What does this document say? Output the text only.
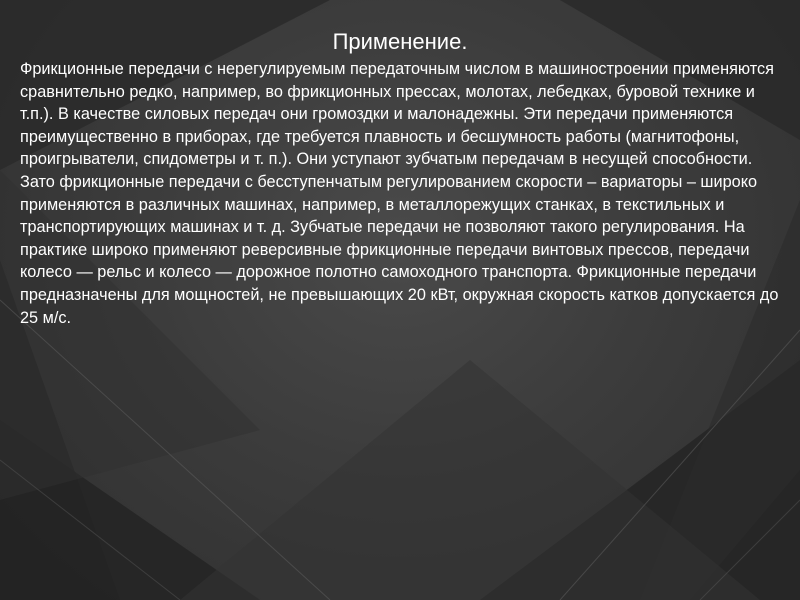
Применение.

Фрикционные передачи с нерегулируемым передаточным числом в машиностроении применяются сравнительно редко, например, во фрикционных прессах, молотах, лебедках, буровой технике и т.п.). В качестве силовых передач они громоздки и малонадежны. Эти передачи применяются преимущественно в приборах, где требуется плавность и бесшумность работы (магнитофоны, проигрыватели, спидометры и т. п.). Они уступают зубчатым передачам в несущей способности. Зато фрикционные передачи с бесступенчатым регулированием скорости – вариаторы – широко применяются в различных машинах, например, в металлорежущих станках, в текстильных и транспортирующих машинах и т. д. Зубчатые передачи не позволяют такого регулирования. На практике широко применяют реверсивные фрикционные передачи винтовых прессов, передачи колесо — рельс и колесо — дорожное полотно самоходного транспорта. Фрикционные передачи предназначены для мощностей, не превышающих 20 кВт, окружная скорость катков допускается до 25 м/с.
